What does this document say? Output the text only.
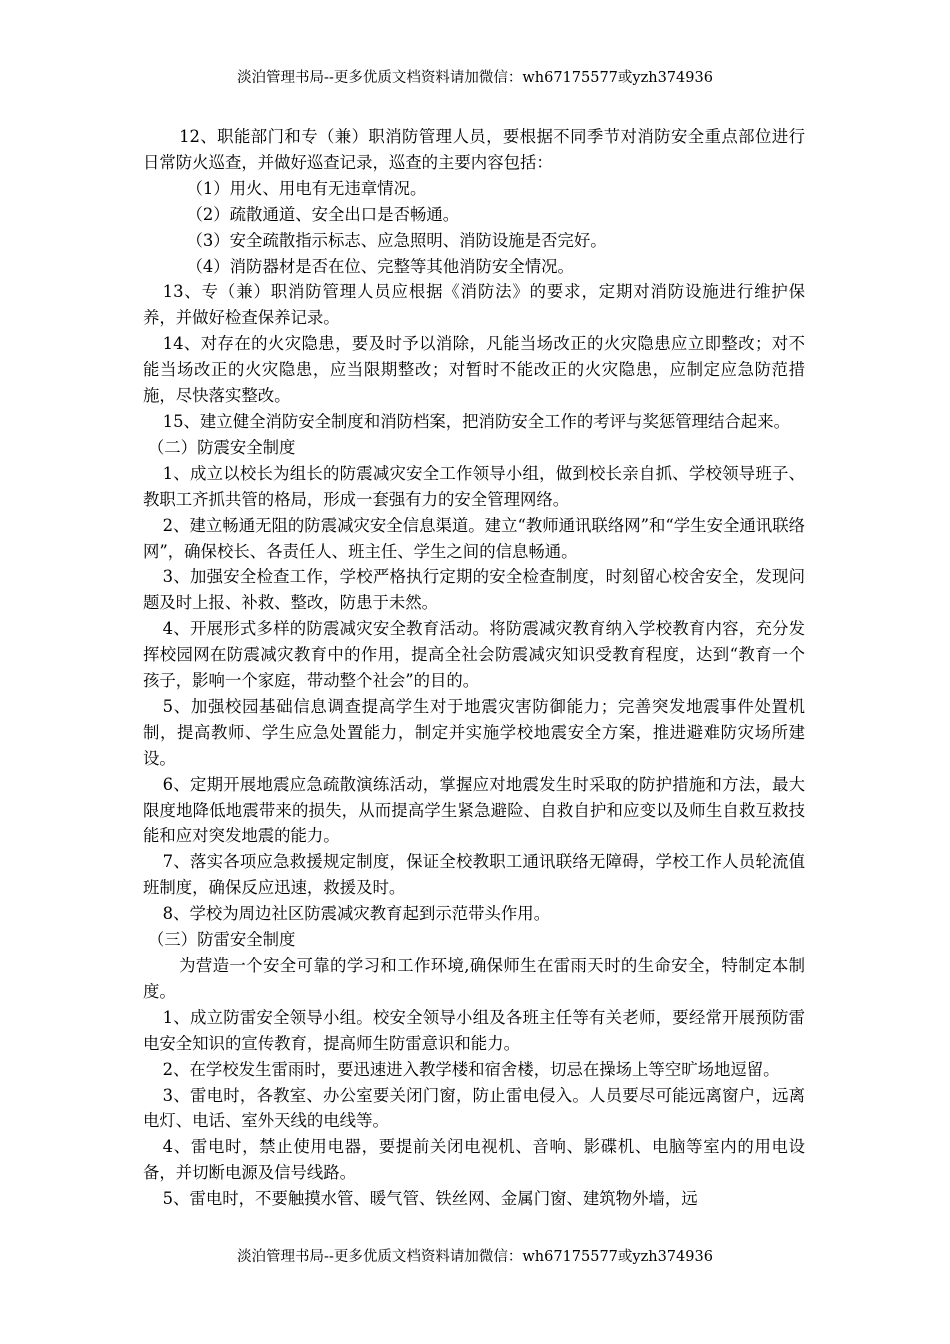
淡泊管理书局--更多优质文档资料请加微信：wh67175577或yzh374936

12、职能部门和专（兼）职消防管理人员，要根据不同季节对消防安全重点部位进行日常防火巡查，并做好巡查记录，巡查的主要内容包括：

（1）用火、用电有无违章情况。

（2）疏散通道、安全出口是否畅通。

（3）安全疏散指示标志、应急照明、消防设施是否完好。

（4）消防器材是否在位、完整等其他消防安全情况。

13、专（兼）职消防管理人员应根据《消防法》的要求，定期对消防设施进行维护保养，并做好检查保养记录。

14、对存在的火灾隐患，要及时予以消除，凡能当场改正的火灾隐患应立即整改；对不能当场改正的火灾隐患，应当限期整改；对暂时不能改正的火灾隐患，应制定应急防范措施，尽快落实整改。

15、建立健全消防安全制度和消防档案，把消防安全工作的考评与奖惩管理结合起来。

（二）防震安全制度

1、成立以校长为组长的防震减灾安全工作领导小组，做到校长亲自抓、学校领导班子、教职工齐抓共管的格局，形成一套强有力的安全管理网络。

2、建立畅通无阻的防震减灾安全信息渠道。建立“教师通讯联络网”和“学生安全通讯联络网”，确保校长、各责任人、班主任、学生之间的信息畅通。

3、加强安全检查工作，学校严格执行定期的安全检查制度，时刻留心校舍安全，发现问题及时上报、补救、整改，防患于未然。

4、开展形式多样的防震减灾安全教育活动。将防震减灾教育纳入学校教育内容，充分发挥校园网在防震减灾教育中的作用，提高全社会防震减灾知识受教育程度，达到“教育一个孩子，影响一个家庭，带动整个社会”的目的。

5、加强校园基础信息调查提高学生对于地震灾害防御能力；完善突发地震事件处置机制，提高教师、学生应急处置能力，制定并实施学校地震安全方案，推进避难防灾场所建设。

6、定期开展地震应急疏散演练活动，掌握应对地震发生时采取的防护措施和方法，最大限度地降低地震带来的损失，从而提高学生紧急避险、自救自护和应变以及师生自救互救技能和应对突发地震的能力。

7、落实各项应急救援规定制度，保证全校教职工通讯联络无障碍，学校工作人员轮流值班制度，确保反应迅速，救援及时。

8、学校为周边社区防震减灾教育起到示范带头作用。

（三）防雷安全制度

为营造一个安全可靠的学习和工作环境,确保师生在雷雨天时的生命安全，特制定本制度。

1、成立防雷安全领导小组。校安全领导小组及各班主任等有关老师，要经常开展预防雷电安全知识的宣传教育，提高师生防雷意识和能力。

2、在学校发生雷雨时，要迅速进入教学楼和宿舍楼，切忌在操场上等空旷场地逗留。

3、雷电时，各教室、办公室要关闭门窗，防止雷电侵入。人员要尽可能远离窗户，远离电灯、电话、室外天线的电线等。

4、雷电时，禁止使用电器，要提前关闭电视机、音响、影碟机、电脑等室内的用电设备，并切断电源及信号线路。

5、雷电时，不要触摸水管、暖气管、铁丝网、金属门窗、建筑物外墙，远

淡泊管理书局--更多优质文档资料请加微信：wh67175577或yzh374936
